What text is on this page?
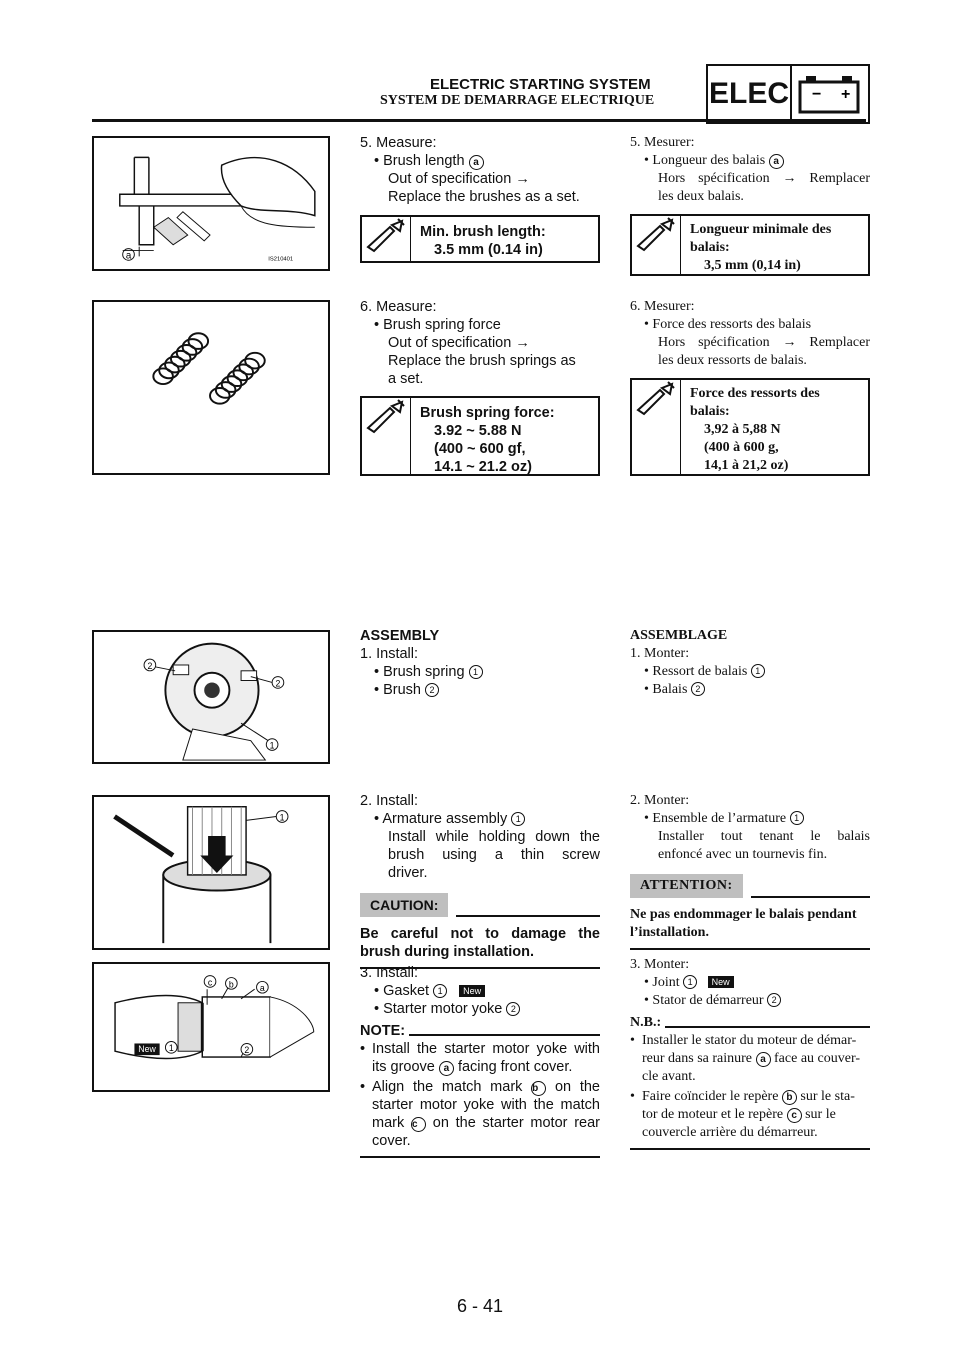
ELECTRIC STARTING SYSTEM
SYSTEM DE DEMARRAGE ELECTRIQUE ELEC − +
a	IS210401
2
2
1
1
c b	a
New 1	2
5. Measure:
• Brush length a
Out of specification →
Replace the brushes as a set.
Min. brush length:
3.5 mm (0.14 in)
6. Measure:
• Brush spring force
Out of specification →
Replace the brush springs as
a set.
Brush spring force:
3.92 ~ 5.88 N
(400 ~ 600 gf,
14.1 ~ 21.2 oz)
ASSEMBLY
1. Install:
• Brush spring 1
• Brush 2
2. Install:
• Armature assembly 1
Install while holding down the
brush using a thin screw
driver.
CAUTION:
Be careful not to damage the
brush during installation.
3. Install:
• Gasket 1 New
• Starter motor yoke 2
NOTE:
• Install the starter motor yoke with
its groove a facing front cover.
• Align the match mark b on the
starter motor yoke with the match
mark c on the starter motor rear
cover.
5. Mesurer:
• Longueur des balais a
Hors spécification → Remplacer
les deux balais.
Longueur minimale des
balais:
3,5 mm (0,14 in)
6. Mesurer:
• Force des ressorts des balais
Hors spécification → Remplacer
les deux ressorts de balais.
Force des ressorts des
balais:
3,92 à 5,88 N
(400 à 600 g,
14,1 à 21,2 oz)
ASSEMBLAGE
1. Monter:
• Ressort de balais 1
• Balais 2
2. Monter:
• Ensemble de l’armature 1
Installer tout tenant le balais
enfoncé avec un tournevis fin.
ATTENTION:
Ne pas endommager le balais pendant
l’installation.
3. Monter:
• Joint 1 New
• Stator de démarreur 2
N.B.:
• Installer le stator du moteur de démar-
reur dans sa rainure a face au couver-
cle avant.
• Faire coïncider le repère b sur le sta-
tor de moteur et le repère c sur le
couvercle arrière du démarreur.
6 - 41
